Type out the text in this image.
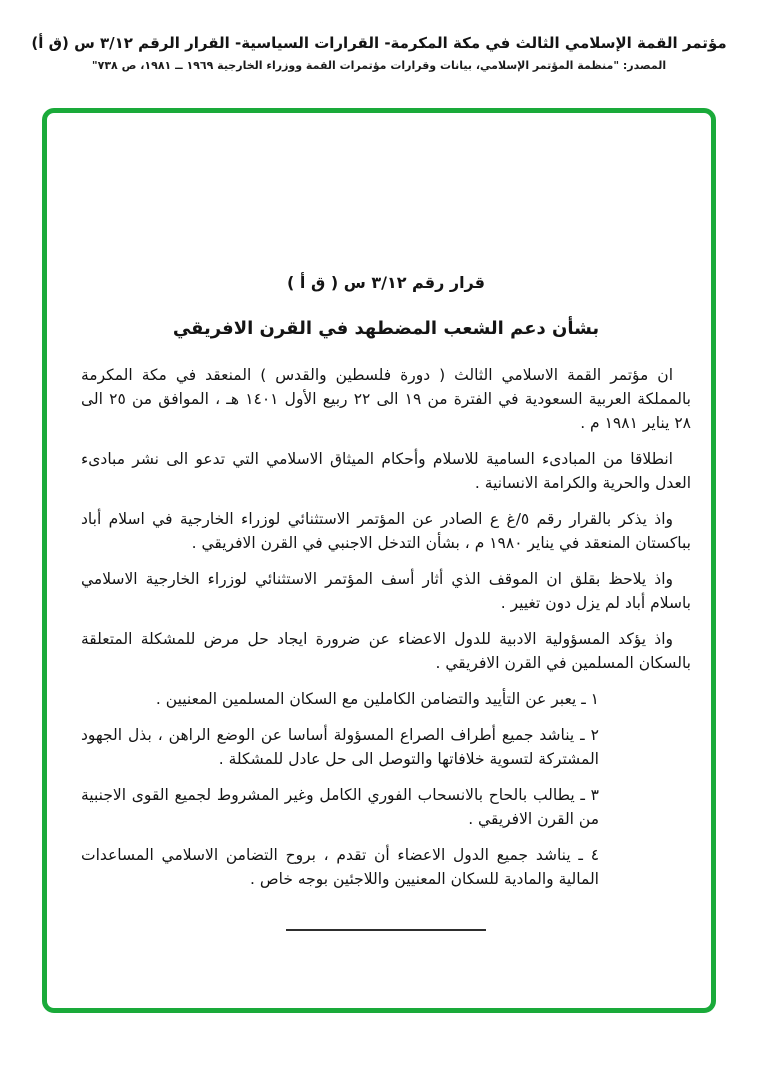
مؤتمر القمة الإسلامي الثالث في مكة المكرمة- القرارات السياسية- القرار الرقم ٣/١٢ س (ق أ)
المصدر: "منظمة المؤتمر الإسلامي، بيانات وقرارات مؤتمرات القمة ووزراء الخارجية ١٩٦٩ ــ ١٩٨١، ص ٧٣٨"

قرار رقم ٣/١٢ س ( ق أ )

بشأن دعم الشعب المضطهد في القرن الافريقي

ان مؤتمر القمة الاسلامي الثالث ( دورة فلسطين والقدس ) المنعقد في مكة المكرمة بالمملكة العربية السعودية في الفترة من ١٩ الى ٢٢ ربيع الأول ١٤٠١ هـ ، الموافق من ٢٥ الى ٢٨ يناير ١٩٨١ م .

انطلاقا من المبادىء السامية للاسلام وأحكام الميثاق الاسلامي التي تدعو الى نشر مبادىء العدل والحرية والكرامة الانسانية .

واذ يذكر بالقرار رقم ٥/غ ع الصادر عن المؤتمر الاستثنائي لوزراء الخارجية في اسلام أباد بباكستان المنعقد في يناير ١٩٨٠ م ، بشأن التدخل الاجنبي في القرن الافريقي .

واذ يلاحظ بقلق ان الموقف الذي أثار أسف المؤتمر الاستثنائي لوزراء الخارجية الاسلامي باسلام أباد لم يزل دون تغيير .

واذ يؤكد المسؤولية الادبية للدول الاعضاء عن ضرورة ايجاد حل مرض للمشكلة المتعلقة بالسكان المسلمين في القرن الافريقي .

١ ـ يعبر عن التأييد والتضامن الكاملين مع السكان المسلمين المعنيين .

٢ ـ يناشد جميع أطراف الصراع المسؤولة أساسا عن الوضع الراهن ، بذل الجهود المشتركة لتسوية خلافاتها والتوصل الى حل عادل للمشكلة .

٣ ـ يطالب بالحاح بالانسحاب الفوري الكامل وغير المشروط لجميع القوى الاجنبية من القرن الافريقي .

٤ ـ يناشد جميع الدول الاعضاء أن تقدم ، بروح التضامن الاسلامي المساعدات المالية والمادية للسكان المعنيين واللاجئين بوجه خاص .
